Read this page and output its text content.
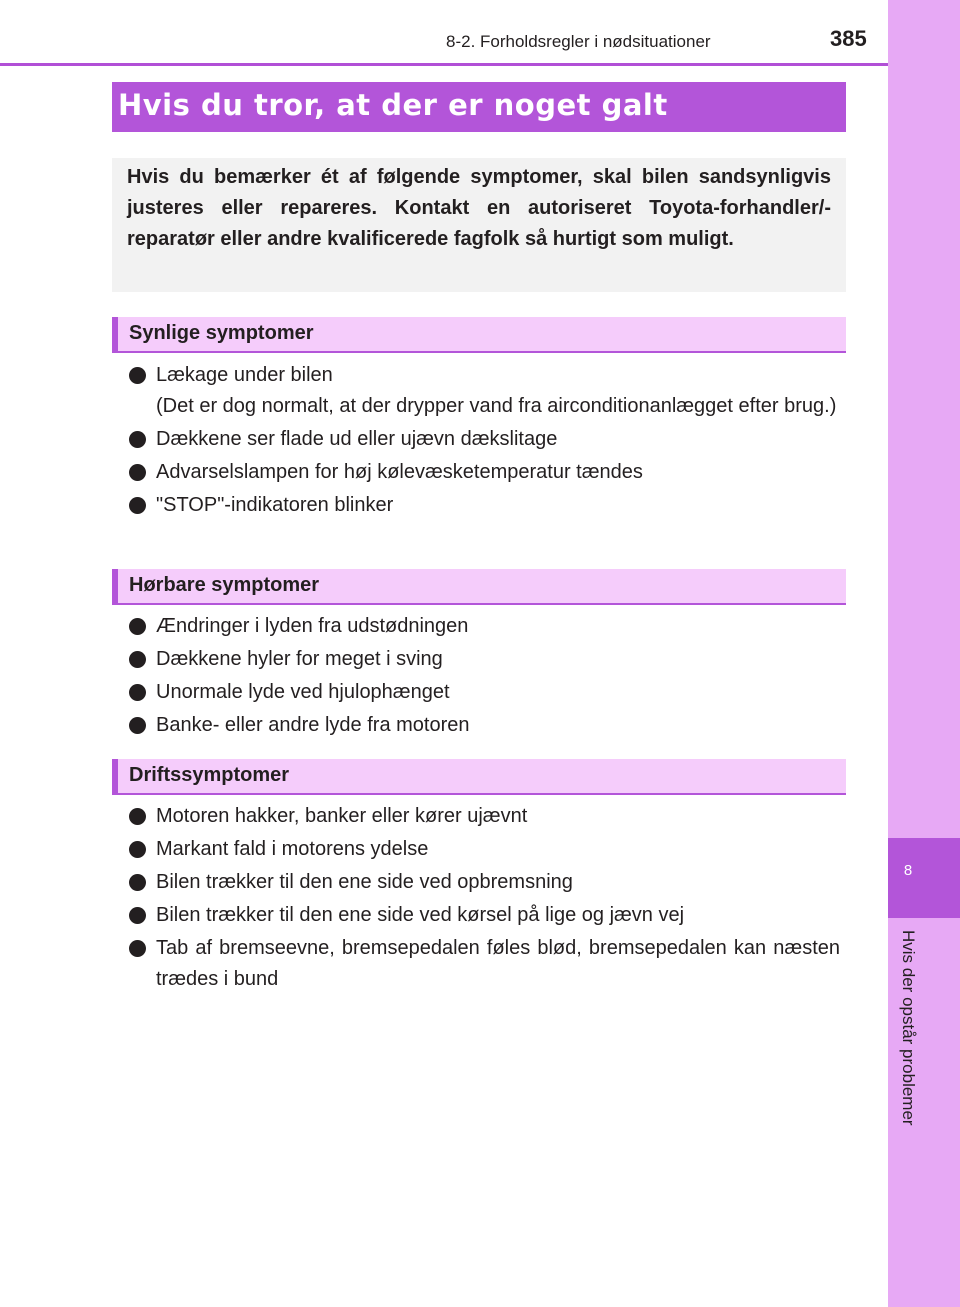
8-2. Forholdsregler i nødsituationer	385
8
Hvis der opstår problemer
Hvis du tror, at der er noget galt
Hvis du bemærker ét af følgende symptomer, skal bilen sandsynligvis justeres eller repareres. Kontakt en autoriseret Toyota-forhandler/-reparatør eller andre kvalificerede fagfolk så hurtigt som muligt.
Synlige symptomer
Lækage under bilen
(Det er dog normalt, at der drypper vand fra airconditionanlægget efter brug.)
Dækkene ser flade ud eller ujævn dækslitage
Advarselslampen for høj kølevæsketemperatur tændes
"STOP"-indikatoren blinker
Hørbare symptomer
Ændringer i lyden fra udstødningen
Dækkene hyler for meget i sving
Unormale lyde ved hjulophænget
Banke- eller andre lyde fra motoren
Driftssymptomer
Motoren hakker, banker eller kører ujævnt
Markant fald i motorens ydelse
Bilen trækker til den ene side ved opbremsning
Bilen trækker til den ene side ved kørsel på lige og jævn vej
Tab af bremseevne, bremsepedalen føles blød, bremsepedalen kan næsten trædes i bund
